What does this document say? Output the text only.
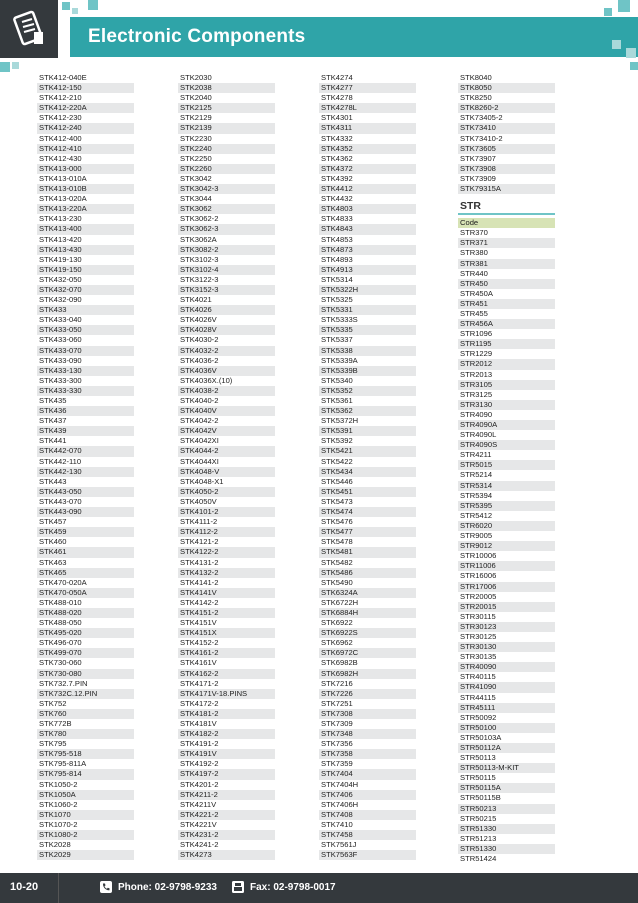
Electronic Components
STK412-040E
STK412-150
STK412-210
STK412-220A
STK412-230
STK412-240
STK412-400
STK412-410
STK412-430
STK413-000
STK413-010A
STK413-010B
STK413-020A
STK413-220A
STK413-230
STK413-400
STK413-420
STK413-430
STK419-130
STK419-150
STK432-050
STK432-070
STK432-090
STK433
STK433-040
STK433-050
STK433-060
STK433-070
STK433-090
STK433-130
STK433-300
STK433-330
STK435
STK436
STK437
STK439
STK441
STK442-070
STK442-110
STK442-130
STK443
STK443-050
STK443-070
STK443-090
STK457
STK459
STK460
STK461
STK463
STK465
STK470-020A
STK470-050A
STK488-010
STK488-020
STK488-050
STK495-020
STK496-070
STK499-070
STK730-060
STK730-080
STK732.7.PIN
STK732C.12.PIN
STK752
STK760
STK772B
STK780
STK795
STK795-518
STK795-811A
STK795-814
STK1050-2
STK1050A
STK1060-2
STK1070
STK1070-2
STK1080-2
STK2028
STK2029
STK2030
STK2038
STK2040
STK2125
STK2129
STK2139
STK2230
STK2240
STK2250
STK2260
STK3042
STK3042-3
STK3044
STK3062
STK3062-2
STK3062-3
STK3062A
STK3082-2
STK3102-3
STK3102-4
STK3122-3
STK3152-3
STK4021
STK4026
STK4026V
STK4028V
STK4030-2
STK4032-2
STK4036-2
STK4036V
STK4036X.(10)
STK4038-2
STK4040-2
STK4040V
STK4042-2
STK4042V
STK4042XI
STK4044-2
STK4044XI
STK4048-V
STK4048-X1
STK4050-2
STK4050V
STK4101-2
STK4111-2
STK4112-2
STK4121-2
STK4122-2
STK4131-2
STK4132-2
STK4141-2
STK4141V
STK4142-2
STK4151-2
STK4151V
STK4151X
STK4152-2
STK4161-2
STK4161V
STK4162-2
STK4171-2
STK4171V-18.PINS
STK4172-2
STK4181-2
STK4181V
STK4182-2
STK4191-2
STK4191V
STK4192-2
STK4197-2
STK4201-2
STK4211-2
STK4211V
STK4221-2
STK4221V
STK4231-2
STK4241-2
STK4273
STK4274
STK4277
STK4278
STK4278L
STK4301
STK4311
STK4332
STK4352
STK4362
STK4372
STK4392
STK4412
STK4432
STK4803
STK4833
STK4843
STK4853
STK4873
STK4893
STK4913
STK5314
STK5322H
STK5325
STK5331
STK5333S
STK5335
STK5337
STK5338
STK5339A
STK5339B
STK5340
STK5352
STK5361
STK5362
STK5372H
STK5391
STK5392
STK5421
STK5422
STK5434
STK5446
STK5451
STK5473
STK5474
STK5476
STK5477
STK5478
STK5481
STK5482
STK5486
STK5490
STK6324A
STK6722H
STK6884H
STK6922
STK6922S
STK6962
STK6972C
STK6982B
STK6982H
STK7216
STK7226
STK7251
STK7308
STK7309
STK7348
STK7356
STK7358
STK7359
STK7404
STK7404H
STK7406
STK7406H
STK7408
STK7410
STK7458
STK7561J
STK7563F
STK8040
STK8050
STK8250
STK8260-2
STK73405-2
STK73410
STK73410-2
STK73605
STK73907
STK73908
STK73909
STK79315A
STR
Code
STR370
STR371
STR380
STR381
STR440
STR450
STR450A
STR451
STR455
STR456A
STR1096
STR1195
STR1229
STR2012
STR2013
STR3105
STR3125
STR3130
STR4090
STR4090A
STR4090L
STR4090S
STR4211
STR5015
STR5214
STR5314
STR5394
STR5395
STR5412
STR6020
STR9005
STR9012
STR10006
STR11006
STR16006
STR17006
STR20005
STR20015
STR30115
STR30123
STR30125
STR30130
STR30135
STR40090
STR40115
STR41090
STR44115
STR45111
STR50092
STR50100
STR50103A
STR50112A
STR50113
STR50113-M-KIT
STR50115
STR50115A
STR50115B
STR50213
STR50215
STR51330
STR51213
STR51330
STR51424
10-20	Phone: 02-9798-9233	Fax: 02-9798-0017
